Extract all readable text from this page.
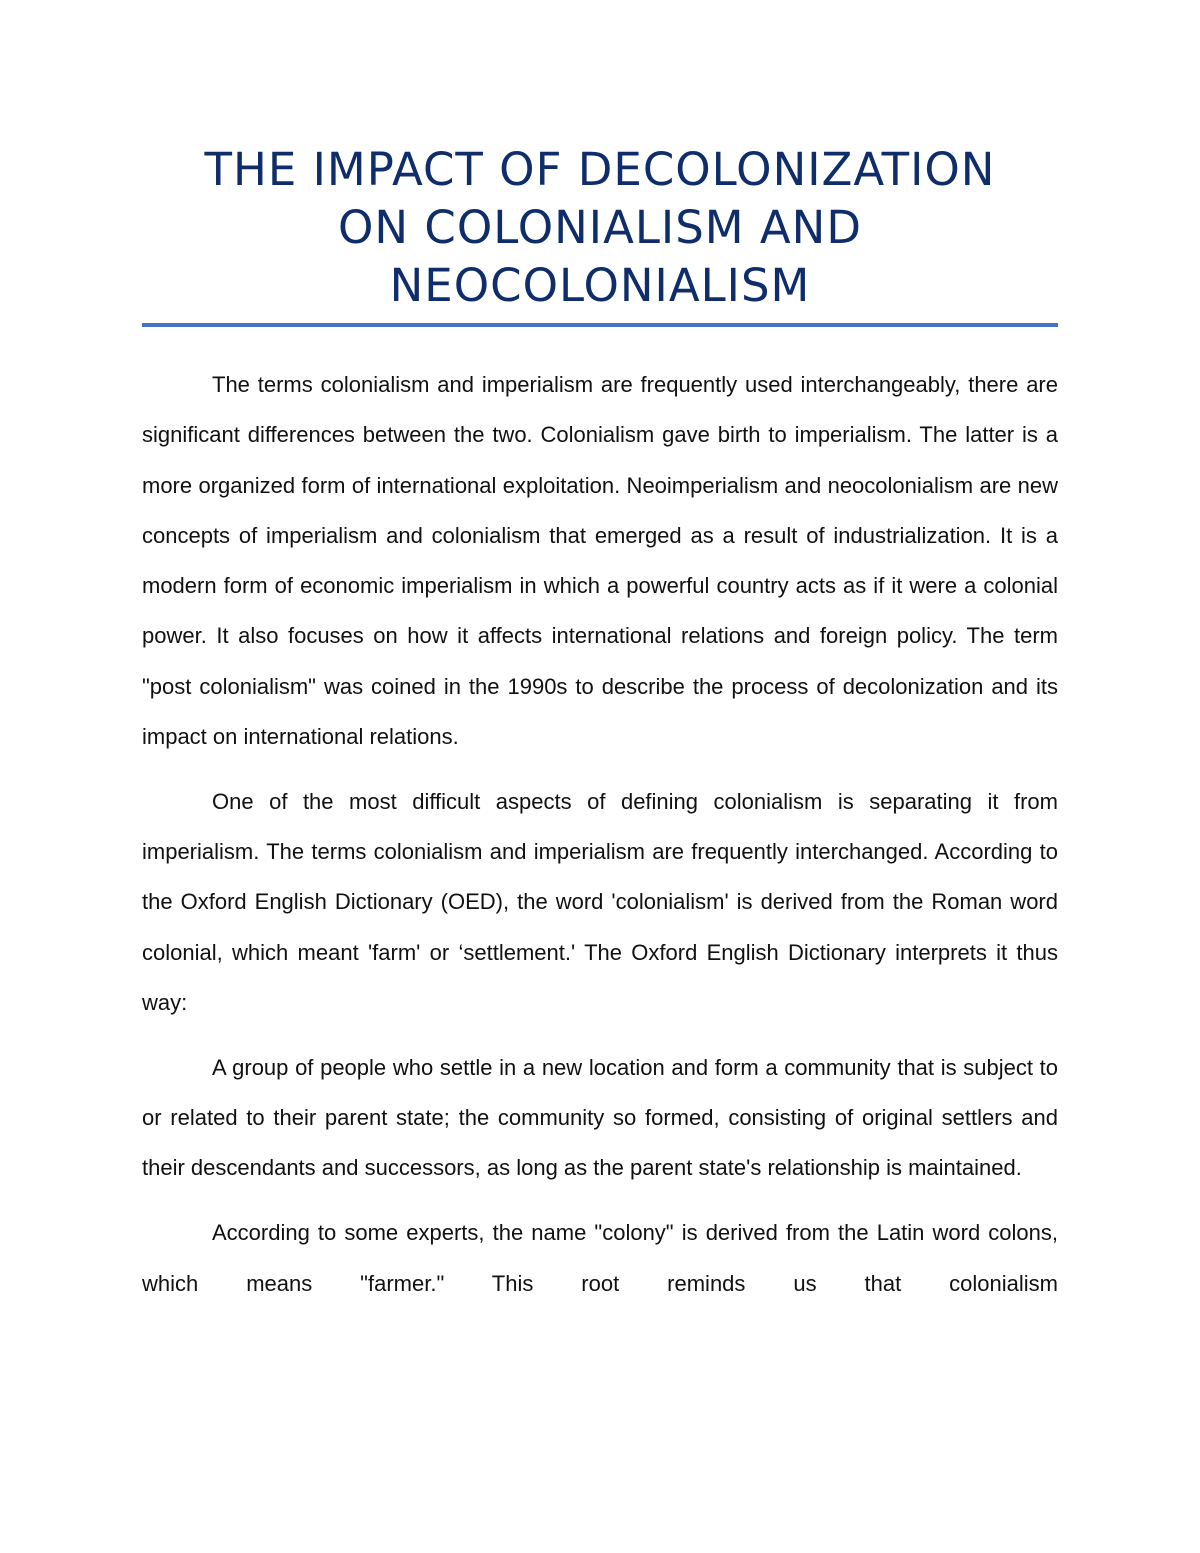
THE IMPACT OF DECOLONIZATION
ON COLONIALISM AND
NEOCOLONIALISM

The terms colonialism and imperialism are frequently used interchangeably, there are significant differences between the two. Colonialism gave birth to imperialism. The latter is a more organized form of international exploitation. Neoimperialism and neocolonialism are new concepts of imperialism and colonialism that emerged as a result of industrialization. It is a modern form of economic imperialism in which a powerful country acts as if it were a colonial power. It also focuses on how it affects international relations and foreign policy. The term "post colonialism" was coined in the 1990s to describe the process of decolonization and its impact on international relations.

One of the most difficult aspects of defining colonialism is separating it from imperialism. The terms colonialism and imperialism are frequently interchanged. According to the Oxford English Dictionary (OED), the word 'colonialism' is derived from the Roman word colonial, which meant 'farm' or ‘settlement.' The Oxford English Dictionary interprets it thus way:

A group of people who settle in a new location and form a community that is subject to or related to their parent state; the community so formed, consisting of original settlers and their descendants and successors, as long as the parent state's relationship is maintained.

According to some experts, the name "colony" is derived from the Latin word colons, which means "farmer." This root reminds us that colonialism
